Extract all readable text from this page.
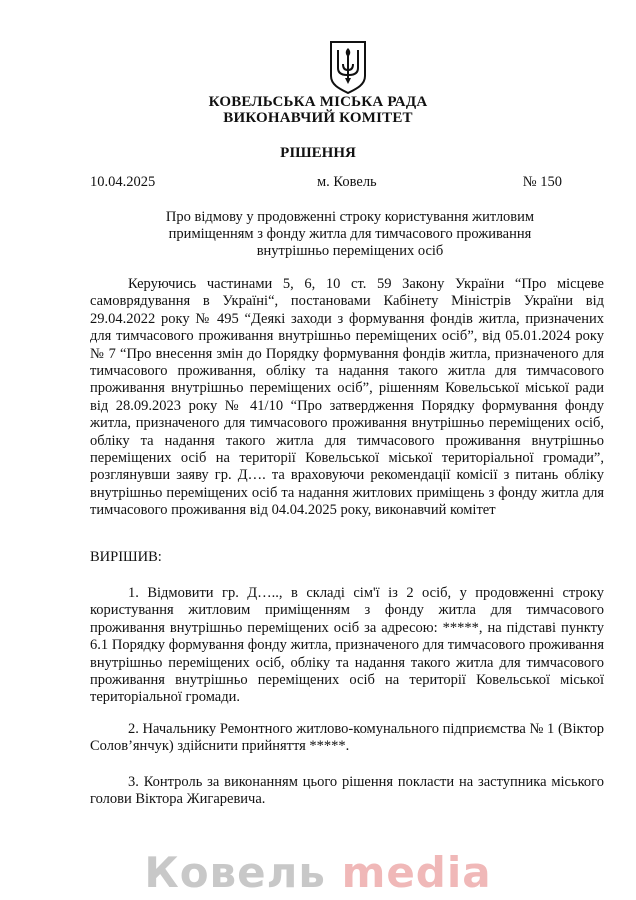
КОВЕЛЬСЬКА МІСЬКА РАДА
ВИКОНАВЧИЙ КОМІТЕТ
РІШЕННЯ
10.04.2025	м. Ковель	№ 150
Про відмову у продовженні строку користування житловим приміщенням з фонду житла для тимчасового проживання внутрішньо переміщених осіб

Керуючись частинами 5, 6, 10 ст. 59 Закону України “Про місцеве самоврядування в Україні“, постановами Кабінету Міністрів України від 29.04.2022 року № 495 “Деякі заходи з формування фондів житла, призначених для тимчасового проживання внутрішньо переміщених осіб”, від 05.01.2024 року № 7 “Про внесення змін до Порядку формування фондів житла, призначеного для тимчасового проживання, обліку та надання такого житла для тимчасового проживання внутрішньо переміщених осіб”, рішенням Ковельської міської ради від 28.09.2023 року № 41/10 “Про затвердження Порядку формування фонду житла, призначеного для тимчасового проживання внутрішньо переміщених осіб, обліку та надання такого житла для тимчасового проживання внутрішньо переміщених осіб на території Ковельської міської територіальної громади”, розглянувши заяву гр. Д…. та враховуючи рекомендації комісії з питань обліку внутрішньо переміщених осіб та надання житлових приміщень з фонду житла для тимчасового проживання від 04.04.2025 року, виконавчий комітет

ВИРІШИВ:

1. Відмовити гр. Д….., в складі сім'ї із 2 осіб, у продовженні строку користування житловим приміщенням з фонду житла для тимчасового проживання внутрішньо переміщених осіб за адресою: *****, на підставі пункту 6.1 Порядку формування фонду житла, призначеного для тимчасового проживання внутрішньо переміщених осіб, обліку та надання такого житла для тимчасового проживання внутрішньо переміщених осіб на території Ковельської міської територіальної громади.

2. Начальнику Ремонтного житлово-комунального підприємства № 1 (Віктор Солов’янчук) здійснити прийняття *****.

3. Контроль за виконанням цього рішення покласти на заступника міського голови Віктора Жигаревича.

Ковель media
